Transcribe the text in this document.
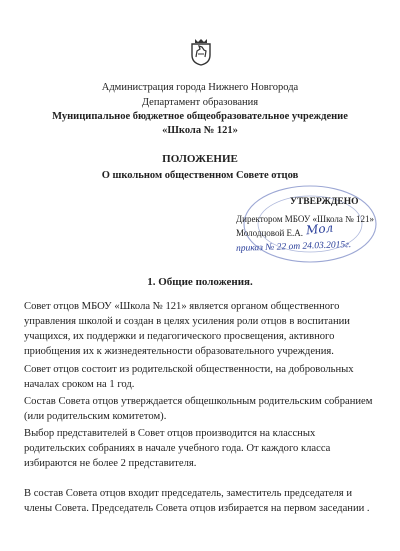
Администрация города Нижнего Новгорода
Департамент образования
Муниципальное бюджетное общеобразовательное учреждение
«Школа № 121»
ПОЛОЖЕНИЕ
О школьном общественном Совете отцов
УТВЕРЖДЕНО
Директором МБОУ «Школа № 121»
Молодцовой Е.А. Мол
приказ № 22 от 24.03.2015г.
1. Общие положения.
Совет отцов МБОУ «Школа № 121» является органом общественного
управления школой и создан в целях усиления роли отцов в воспитании
учащихся, их поддержки и педагогического просвещения, активного
приобщения их к жизнедеятельности образовательного учреждения.
Совет отцов состоит из родительской общественности, на добровольных
началах сроком на 1 год.
Состав Совета отцов утверждается общешкольным родительским собранием
(или родительским комитетом).
Выбор представителей в Совет отцов производится на классных
родительских собраниях в начале учебного года. От каждого класса
избираются не более 2 представителя.
В состав Совета отцов входит председатель, заместитель председателя и
члены Совета. Председатель Совета отцов избирается на первом заседании .
